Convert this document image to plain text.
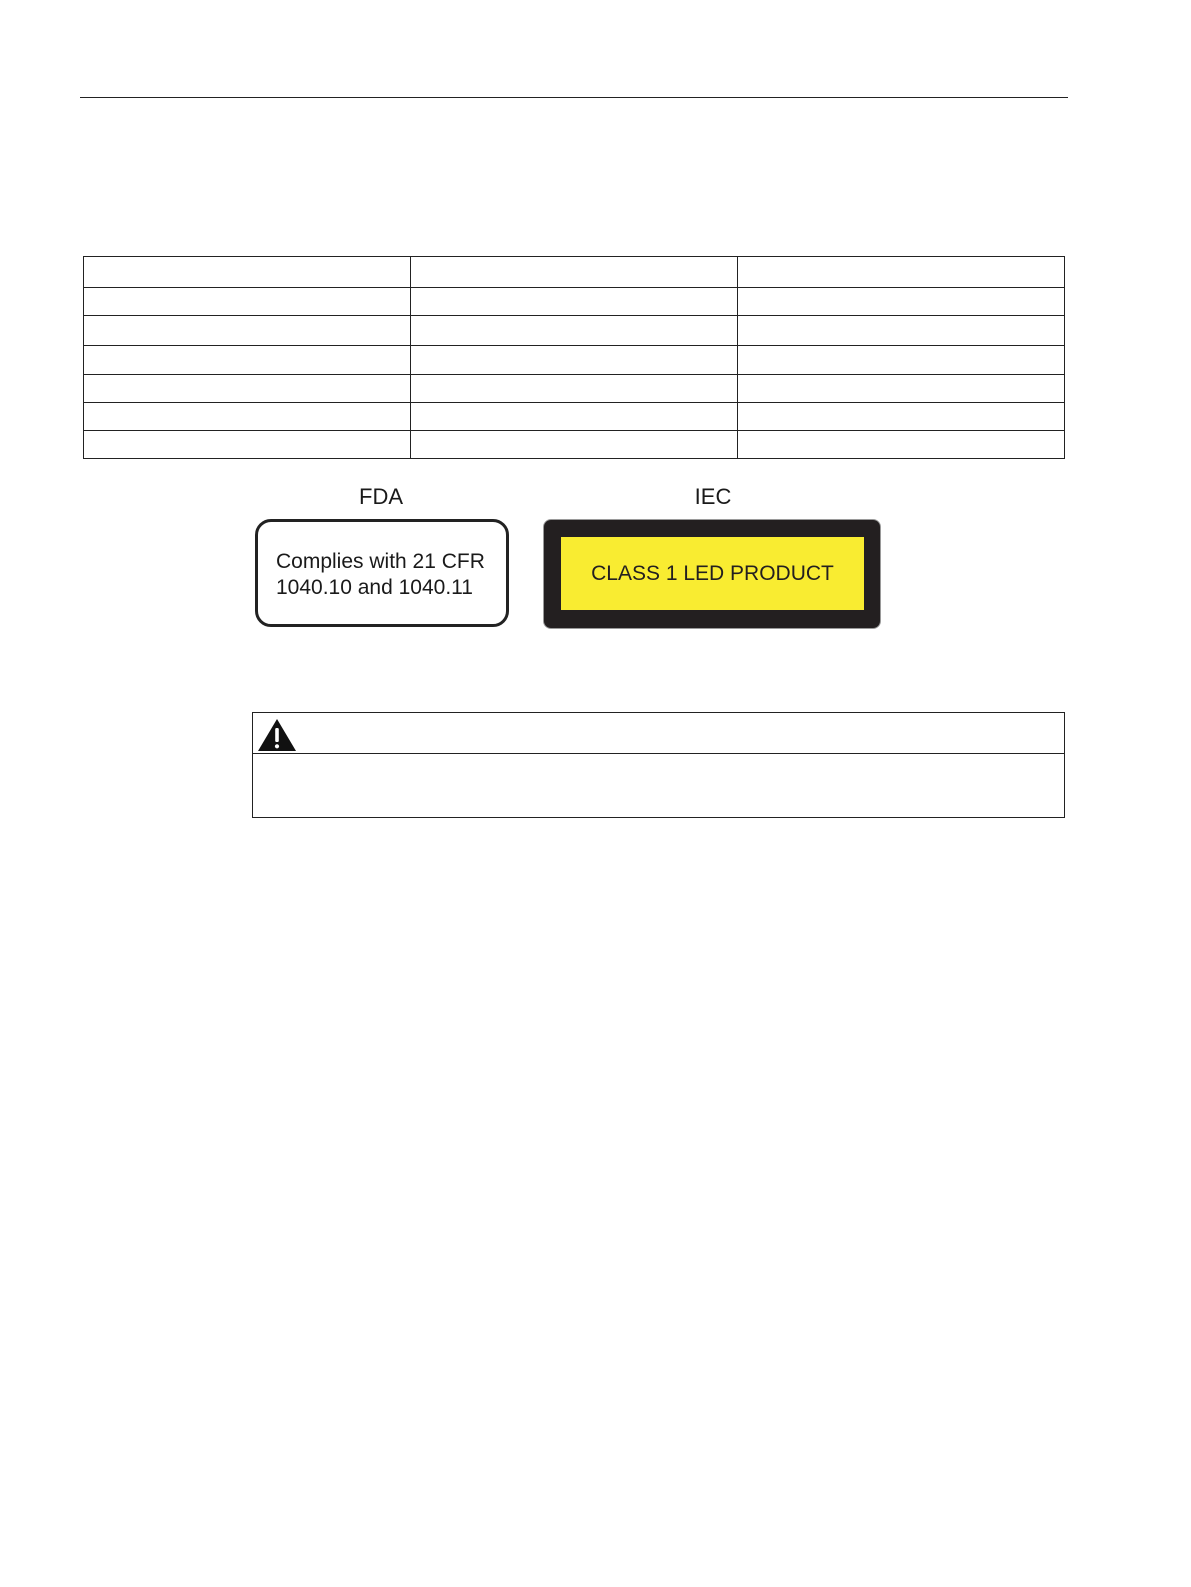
FDA	IEC
Complies with 21 CFR
1040.10 and 1040.11
CLASS 1 LED PRODUCT
